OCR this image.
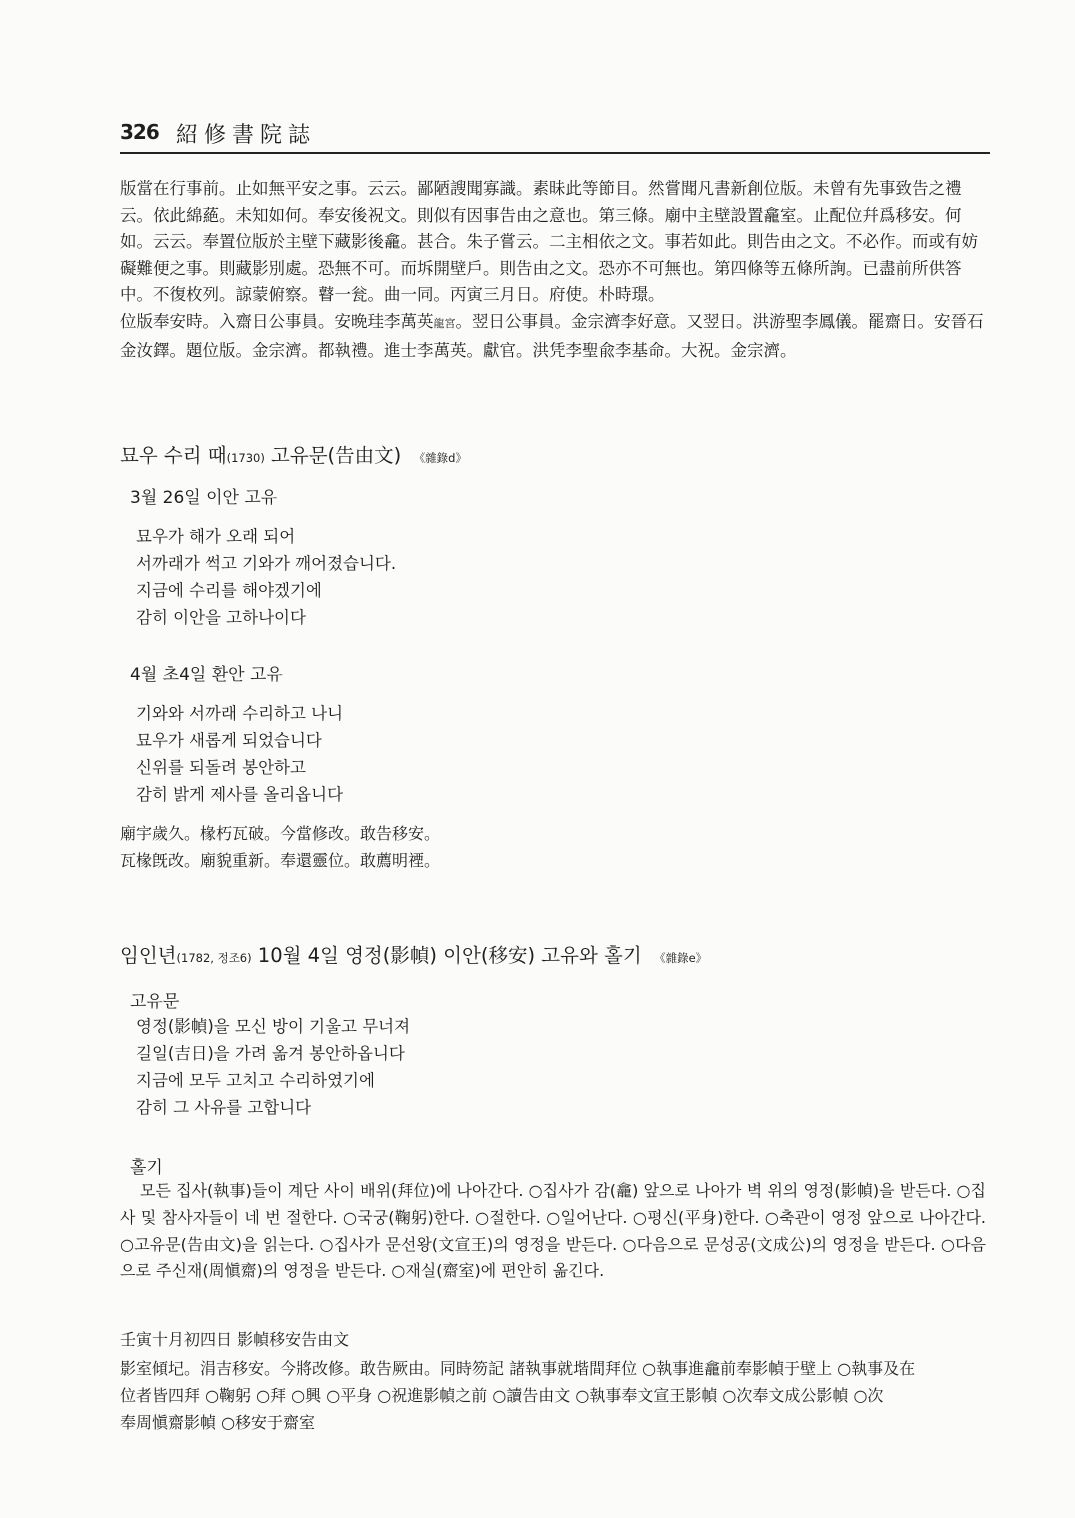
326 紹修書院誌

版當在行事前。止如無平安之事。云云。鄙陋謏聞寡識。素昧此等節目。然嘗聞凡書新創位版。未曾有先事致告之禮云。依此綿蕝。未知如何。奉安後祝文。則似有因事告由之意也。第三條。廟中主壁設置龕室。止配位幷爲移安。何如。云云。奉置位版於主壁下藏影後龕。甚合。朱子嘗云。二主相依之文。事若如此。則告由之文。不必作。而或有妨礙難便之事。則藏影別處。恐無不可。而坼開壁戶。則告由之文。恐亦不可無也。第四條等五條所詢。已盡前所供答中。不復枚列。諒蒙俯察。瞽一瓮。曲一同。丙寅三月日。府使。朴時璟。

位版奉安時。入齋日公事員。安晩珪李萬英龍宮。翌日公事員。金宗濟李好意。又翌日。洪游聖李鳳儀。罷齋日。安晉石金汝鐸。題位版。金宗濟。都執禮。進士李萬英。獻官。洪凭李聖兪李基命。大祝。金宗濟。

묘우 수리 때(1730) 고유문(告由文) 《雜錄d》

3월 26일 이안 고유

묘우가 해가 오래 되어
서까래가 썩고 기와가 깨어졌습니다.
지금에 수리를 해야겠기에
감히 이안을 고하나이다

4월 초4일 환안 고유

기와와 서까래 수리하고 나니
묘우가 새롭게 되었습니다
신위를 되돌려 봉안하고
감히 밝게 제사를 올리옵니다
廟宇歲久。椽朽瓦破。今當修改。敢告移安。
瓦椽旣改。廟貌重新。奉還靈位。敢薦明禋。

임인년(1782, 정조6) 10월 4일 영정(影幀) 이안(移安) 고유와 홀기 《雜錄e》

고유문

영정(影幀)을 모신 방이 기울고 무너져
길일(吉日)을 가려 옮겨 봉안하옵니다
지금에 모두 고치고 수리하였기에
감히 그 사유를 고합니다

홀기

모든 집사(執事)들이 계단 사이 배위(拜位)에 나아간다. ○집사가 감(龕) 앞으로 나아가 벽 위의 영정(影幀)을 받든다. ○집사 및 참사자들이 네 번 절한다. ○국궁(鞠躬)한다. ○절한다. ○일어난다. ○평신(平身)한다. ○축관이 영정 앞으로 나아간다. ○고유문(告由文)을 읽는다. ○집사가 문선왕(文宣王)의 영정을 받든다. ○다음으로 문성공(文成公)의 영정을 받든다. ○다음으로 주신재(周愼齋)의 영정을 받든다. ○재실(齋室)에 편안히 옮긴다.
壬寅十月初四日 影幀移安告由文
影室傾圮。涓吉移安。今將改修。敢告厥由。同時笏記 諸執事就堦間拜位 ○執事進龕前奉影幀于壁上 ○執事及在
位者皆四拜 ○鞠躬 ○拜 ○興 ○平身 ○祝進影幀之前 ○讀告由文 ○執事奉文宣王影幀 ○次奉文成公影幀 ○次
奉周愼齋影幀 ○移安于齋室
